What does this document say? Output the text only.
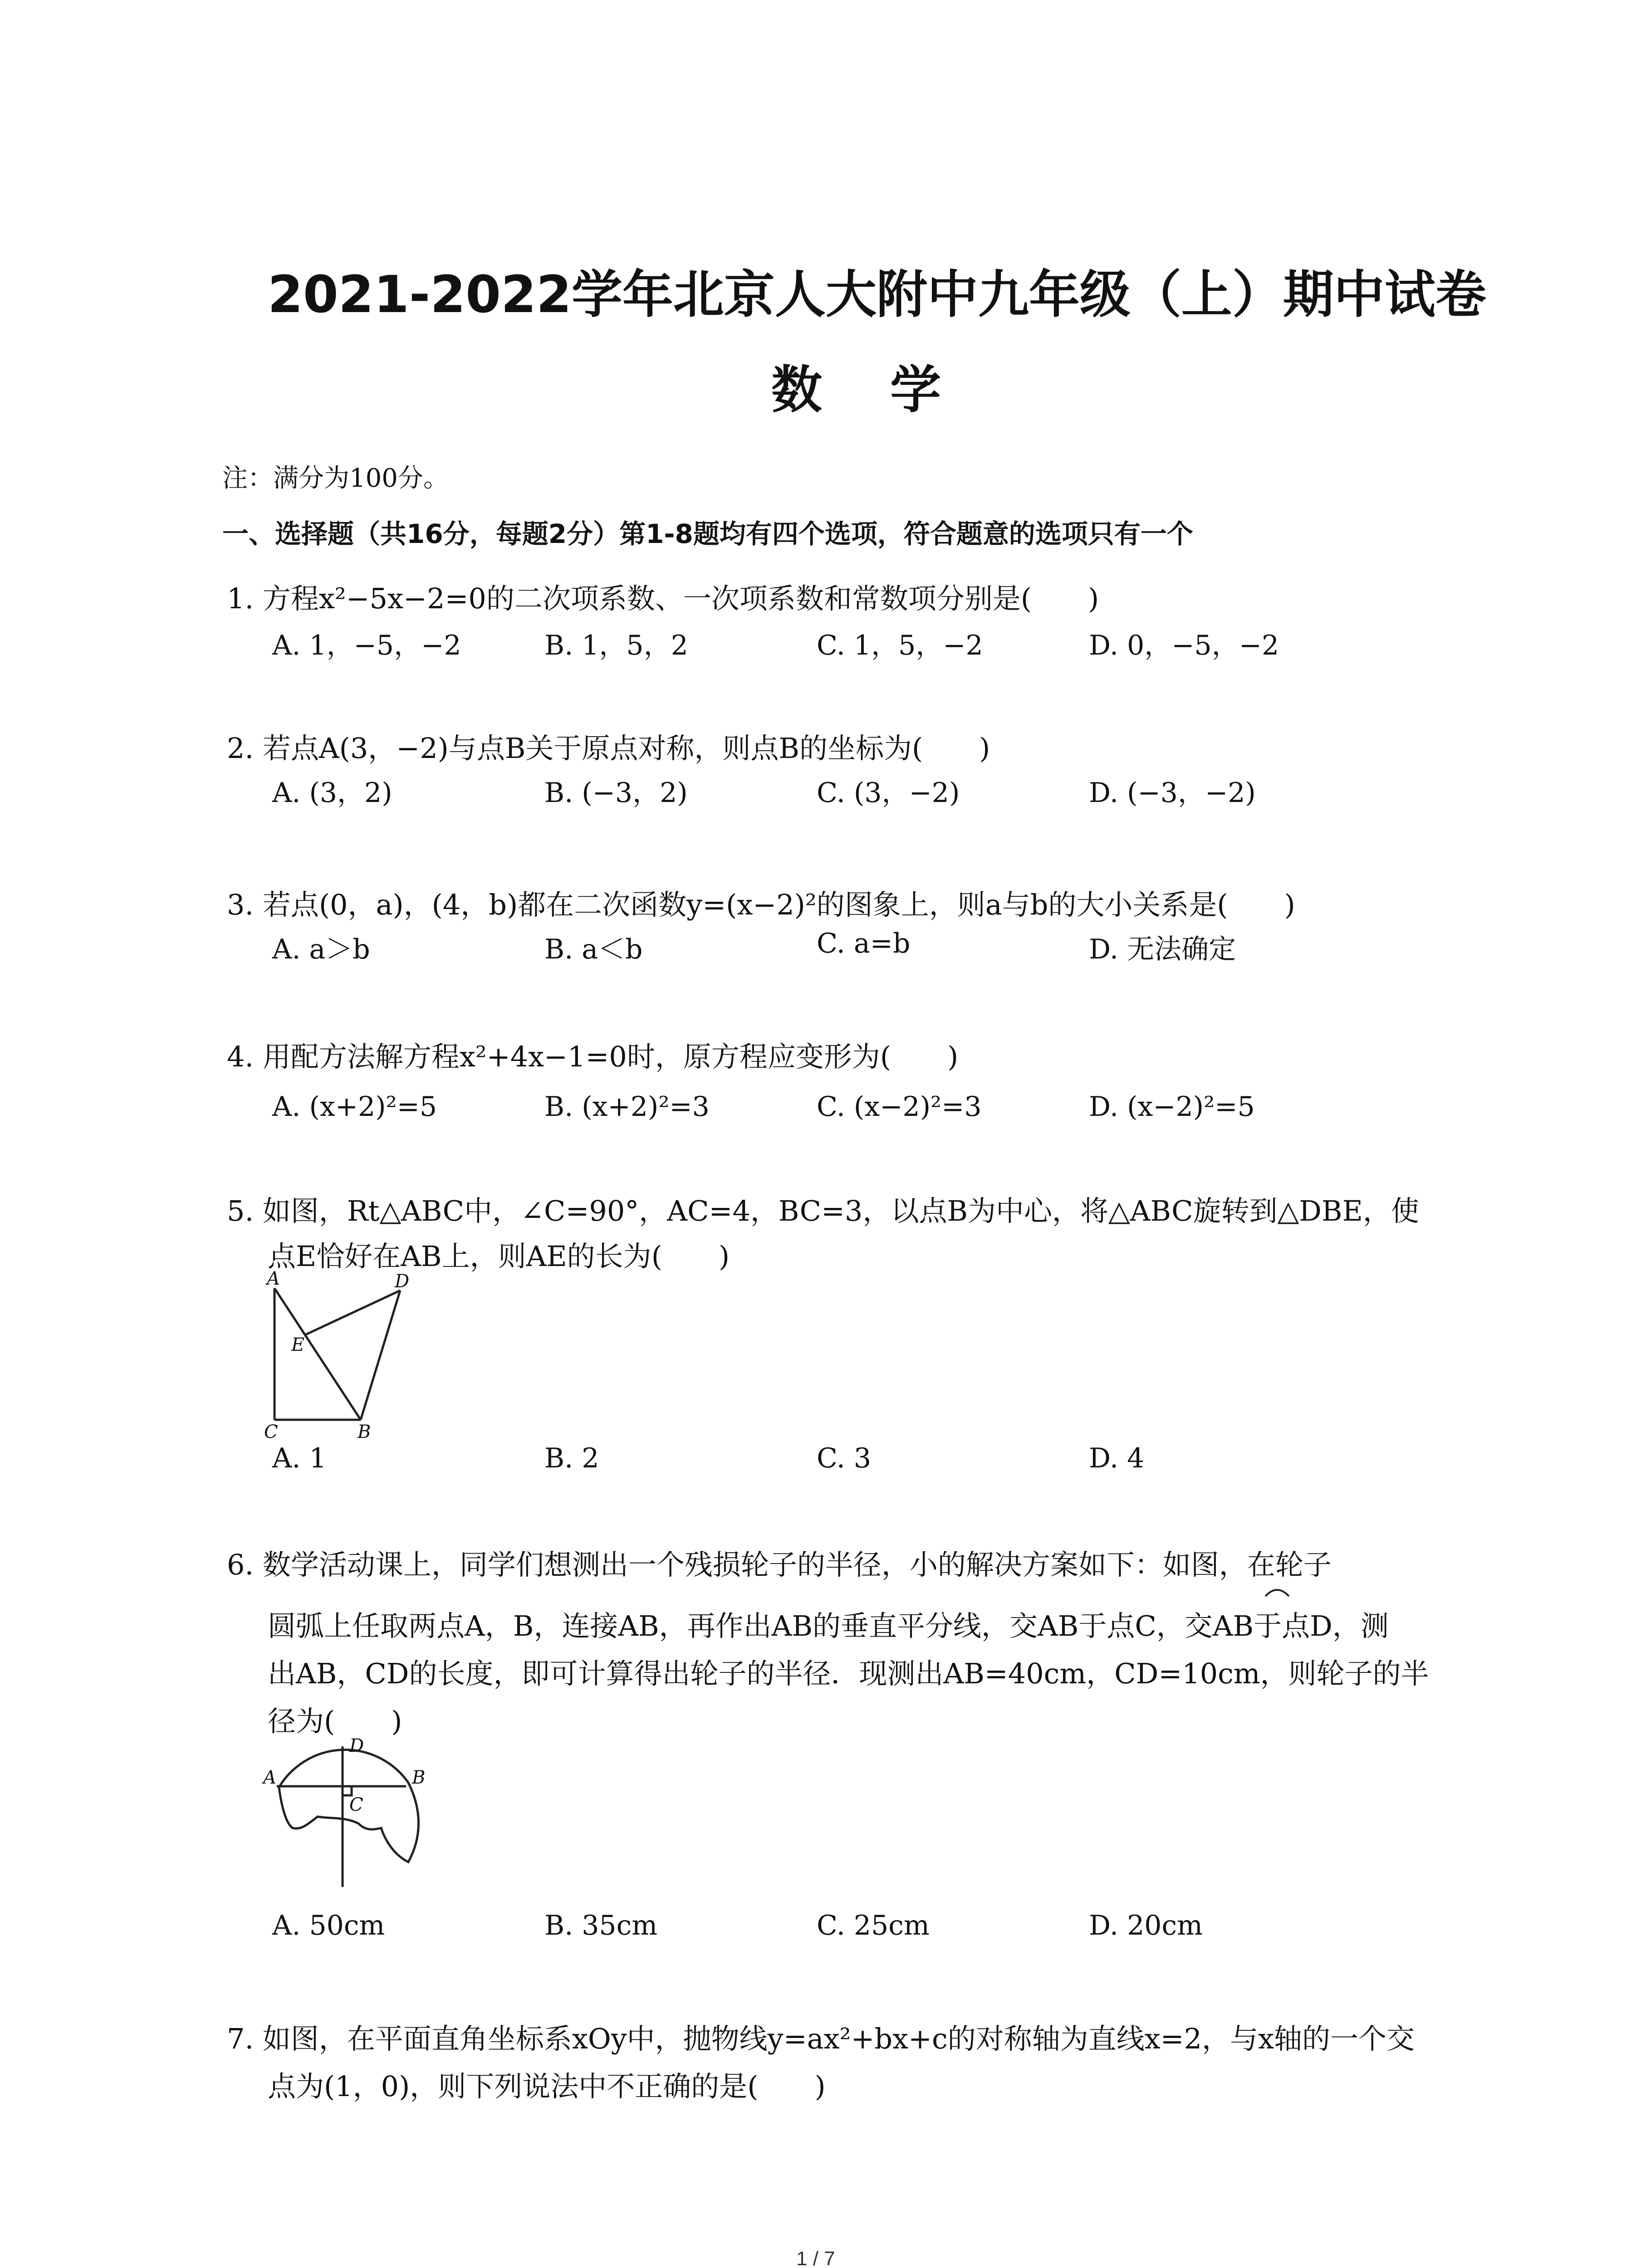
2021-2022学年北京人大附中九年级（上）期中试卷
数学
注：满分为100分。
一、选择题（共16分，每题2分）第1-8题均有四个选项，符合题意的选项只有一个
1. 方程x²−5x−2=0的二次项系数、一次项系数和常数项分别是(　　)
A. 1，−5，−2	B. 1，5，2	C. 1，5，−2	D. 0，−5，−2
2. 若点A(3，−2)与点B关于原点对称，则点B的坐标为(　　)
A. (3，2)	B. (−3，2)	C. (3，−2)	D. (−3，−2)
3. 若点(0，a)，(4，b)都在二次函数y=(x−2)²的图象上，则a与b的大小关系是(　　)
A. a＞b	B. a＜b	C. a=b	D. 无法确定
4. 用配方法解方程x²+4x−1=0时，原方程应变形为(　　)
A. (x+2)²=5	B. (x+2)²=3	C. (x−2)²=3	D. (x−2)²=5
5. 如图，Rt△ABC中，∠C=90°，AC=4，BC=3，以点B为中心，将△ABC旋转到△DBE，使
点E恰好在AB上，则AE的长为(　　)
A	D
E
C	B
A. 1	B. 2	C. 3	D. 4
6. 数学活动课上，同学们想测出一个残损轮子的半径，小的解决方案如下：如图，在轮子
圆弧上任取两点A，B，连接AB，再作出AB的垂直平分线，交AB于点C，交AB于点D，测
出AB，CD的长度，即可计算得出轮子的半径．现测出AB=40cm，CD=10cm，则轮子的半
径为(　　)
A	B
C
D
A. 50cm	B. 35cm	C. 25cm	D. 20cm
7. 如图，在平面直角坐标系xOy中，抛物线y=ax²+bx+c的对称轴为直线x=2，与x轴的一个交
点为(1，0)，则下列说法中不正确的是(　　)
1 / 7
